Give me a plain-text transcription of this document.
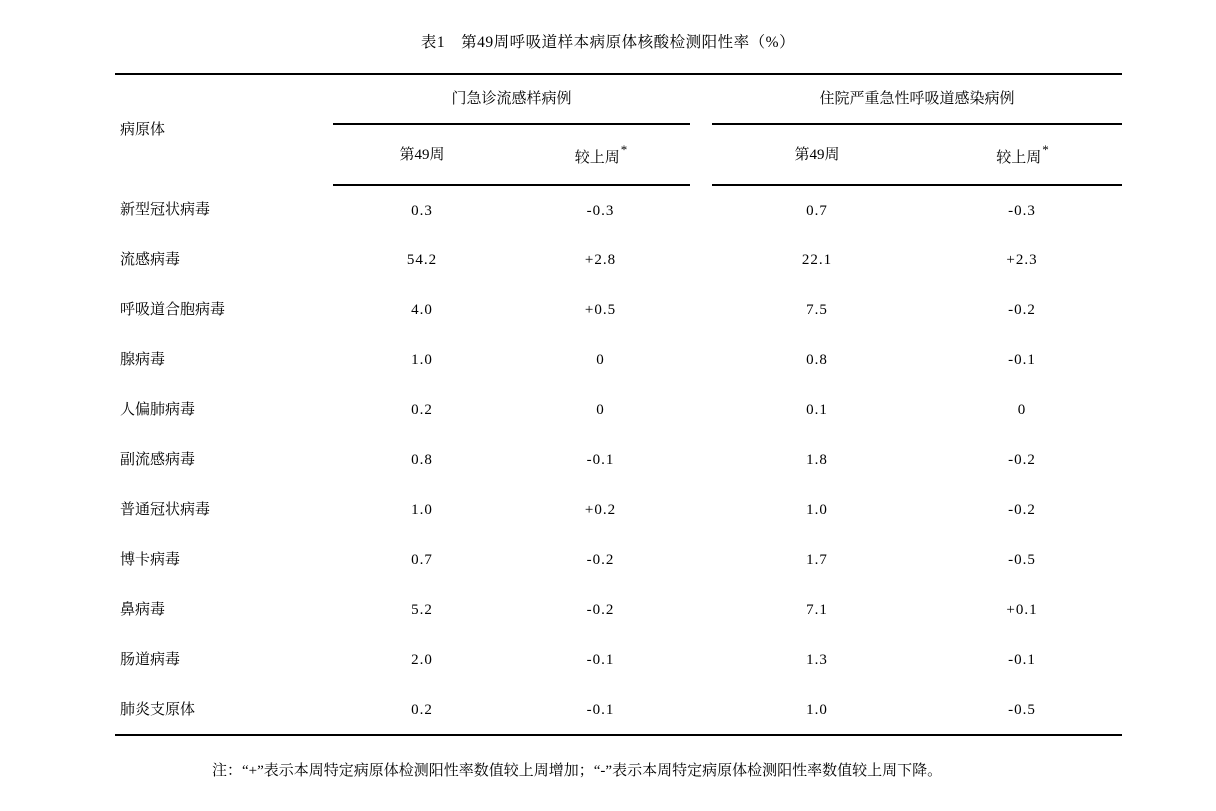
表1　第49周呼吸道样本病原体核酸检测阳性率（%）
病原体	门急诊流感样病例			住院严重急性呼吸道感染病例	
	第49周	较上周*		第49周	较上周*
新型冠状病毒	0.3	-0.3		0.7	-0.3
流感病毒	54.2	+2.8		22.1	+2.3
呼吸道合胞病毒	4.0	+0.5		7.5	-0.2
腺病毒	1.0	0		0.8	-0.1
人偏肺病毒	0.2	0		0.1	0
副流感病毒	0.8	-0.1		1.8	-0.2
普通冠状病毒	1.0	+0.2		1.0	-0.2
博卡病毒	0.7	-0.2		1.7	-0.5
鼻病毒	5.2	-0.2		7.1	+0.1
肠道病毒	2.0	-0.1		1.3	-0.1
肺炎支原体	0.2	-0.1		1.0	-0.5
注：“+”表示本周特定病原体检测阳性率数值较上周增加；“-”表示本周特定病原体检测阳性率数值较上周下降。
